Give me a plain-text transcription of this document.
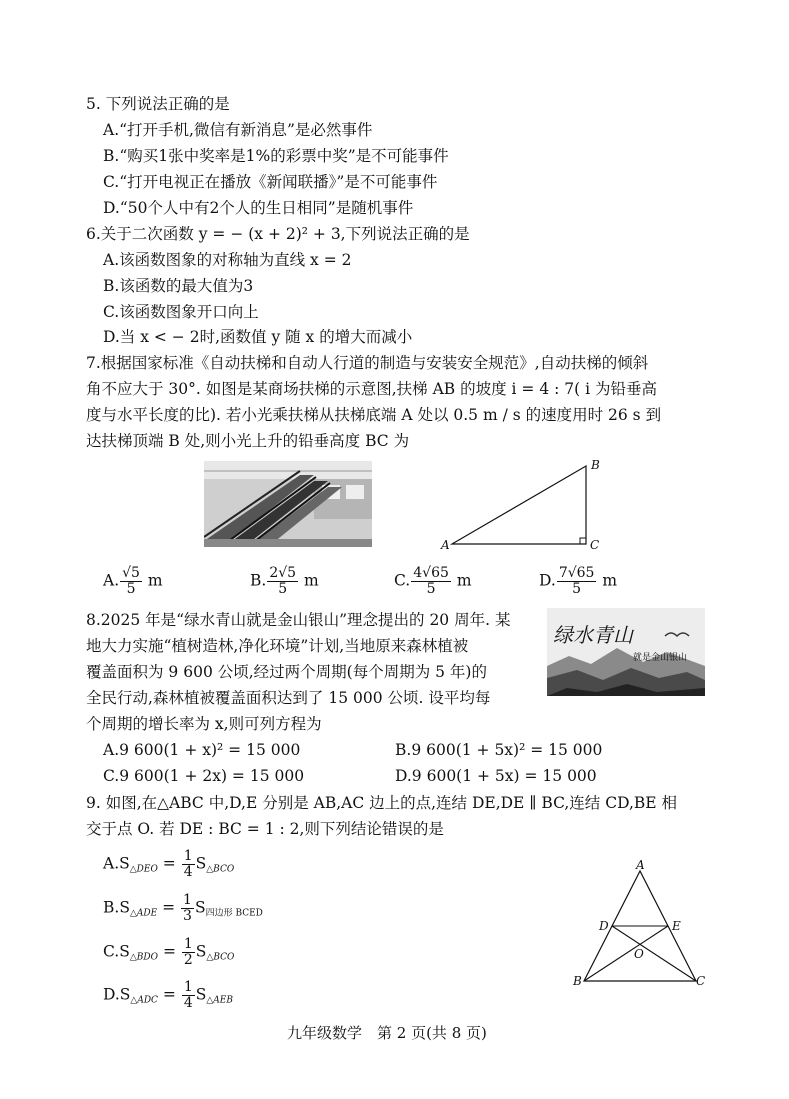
5. 下列说法正确的是
A.“打开手机,微信有新消息”是必然事件
B.“购买1张中奖率是1%的彩票中奖”是不可能事件
C.“打开电视正在播放《新闻联播》”是不可能事件
D.“50个人中有2个人的生日相同”是随机事件
6.关于二次函数 y = − (x + 2)² + 3,下列说法正确的是
A.该函数图象的对称轴为直线 x = 2
B.该函数的最大值为3
C.该函数图象开口向上
D.当 x < − 2时,函数值 y 随 x 的增大而减小
7.根据国家标准《自动扶梯和自动人行道的制造与安装安全规范》,自动扶梯的倾斜
角不应大于 30°. 如图是某商场扶梯的示意图,扶梯 AB 的坡度 i = 4 : 7( i 为铅垂高
度与水平长度的比). 若小光乘扶梯从扶梯底端 A 处以 0.5 m / s 的速度用时 26 s 到
达扶梯顶端 B 处,则小光上升的铅垂高度 BC 为
B
A	C
A. $\frac{√5}{5}$ m	B. $\frac{2√5}{5}$ m	C. $\frac{4√65}{5}$ m	D. $\frac{7√65}{5}$ m
8.2025 年是“绿水青山就是金山银山”理念提出的 20 周年. 某
地大力实施“植树造林,净化环境”计划,当地原来森林植被
覆盖面积为 9 600 公顷,经过两个周期(每个周期为 5 年)的
全民行动,森林植被覆盖面积达到了 15 000 公顷. 设平均每
个周期的增长率为 x,则可列方程为
绿水青山
就是金山银山
A.9 600(1 + x)² = 15 000	B.9 600(1 + 5x)² = 15 000
C.9 600(1 + 2x) = 15 000	D.9 600(1 + 5x) = 15 000
9. 如图,在△ABC 中,D,E 分别是 AB,AC 边上的点,连结 DE,DE ∥ BC,连结 CD,BE 相
交于点 O. 若 DE : BC = 1 : 2,则下列结论错误的是
$A.S_{\triangle DEO} = \frac{1}{4} S_{\triangle BCO}$
$B.S_{\triangle ADE} = \frac{1}{3}$ S四边形 BCED
$C.S_{\triangle BDO} = \frac{1}{2} S_{\triangle BCO}$
$D.S_{\triangle ADC} = \frac{1}{4} S_{\triangle AEB}$
A
D	E
O
B	C
九年级数学　第 2 页(共 8 页)
